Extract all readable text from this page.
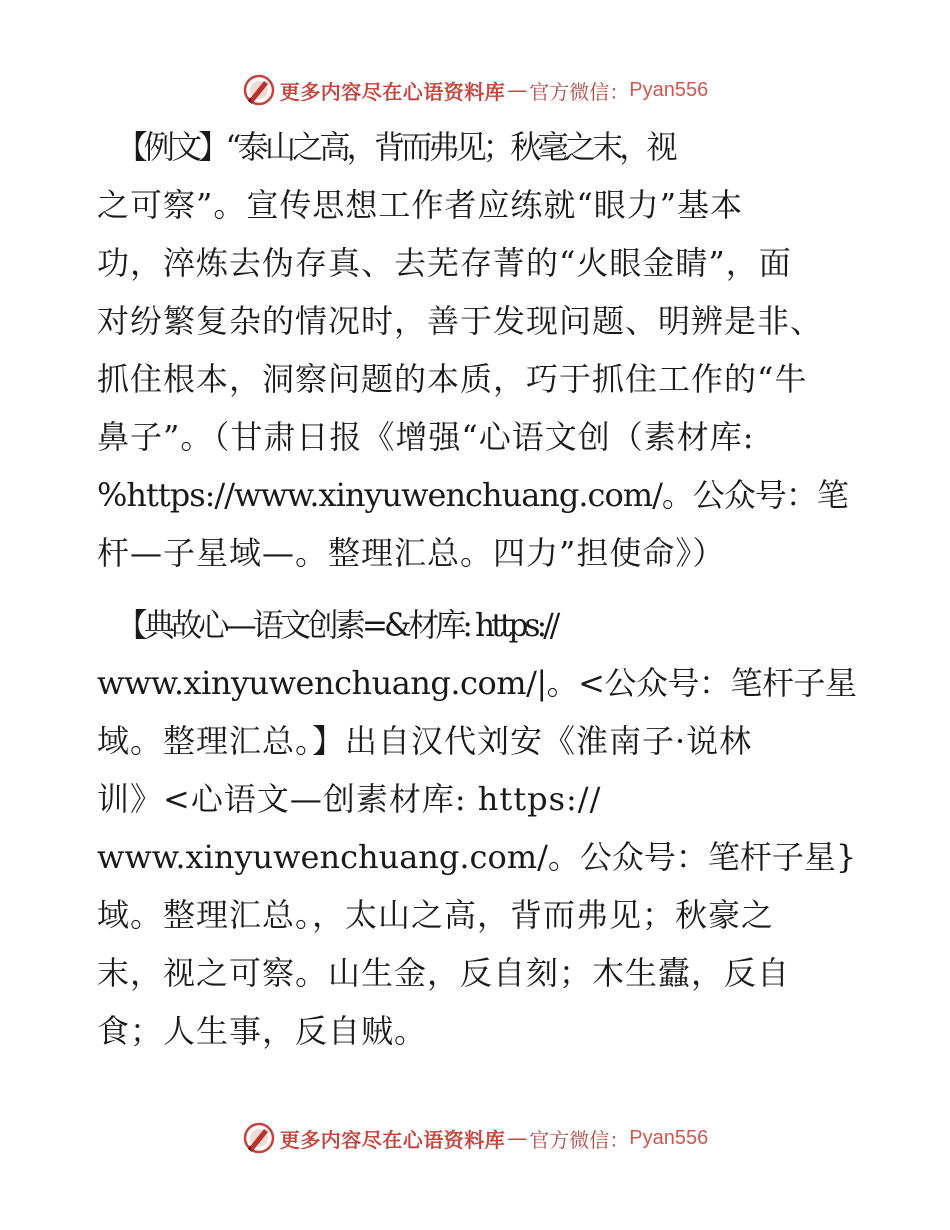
更多内容尽在心语资料库 — 官方微信： Pyan556
【例文】“泰山之高，背而弗见；秋毫之末，视
之可察”。宣传思想工作者应练就“眼力”基本
功，淬炼去伪存真、去芜存菁的“火眼金睛”，面
对纷繁复杂的情况时，善于发现问题、明辨是非、
抓住根本，洞察问题的本质，巧于抓住工作的“牛
鼻子”。（甘肃日报《增强“心语文创（素材库:
%https://www.xinyuwenchuang.com/。公众号：笔
杆—子星域—。整理汇总。四力”担使命》）
【典故心—语文创素=&材库: https://
www.xinyuwenchuang.com/|。<公众号：笔杆子星
域。整理汇总。】出自汉代刘安《淮南子·说林
训》<心语文—创素材库: https://
www.xinyuwenchuang.com/。公众号：笔杆子星}
域。整理汇总。，太山之高，背而弗见；秋豪之
末，视之可察。山生金，反自刻；木生蠹，反自
食；人生事，反自贼。
更多内容尽在心语资料库 — 官方微信： Pyan556
